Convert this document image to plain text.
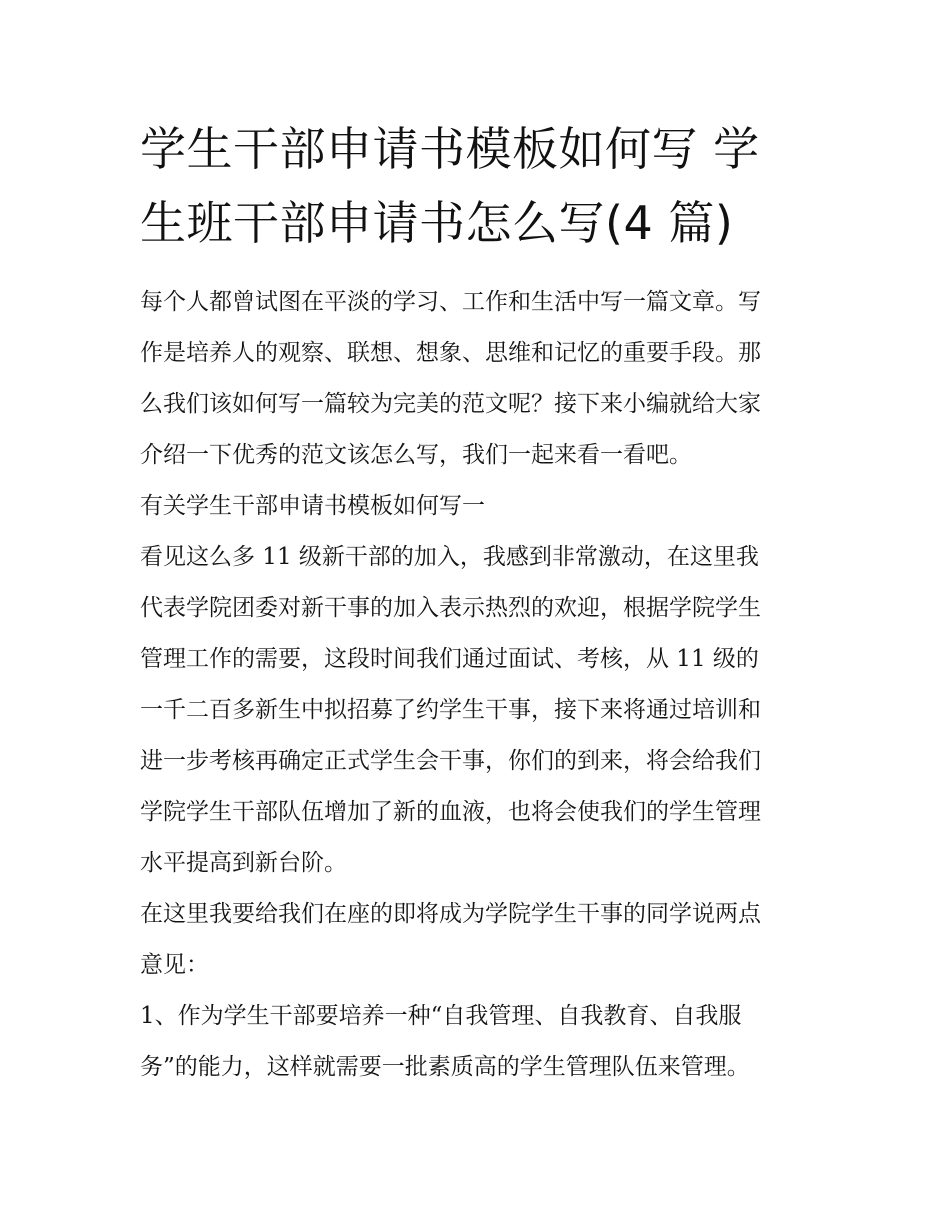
学生干部申请书模板如何写 学
生班干部申请书怎么写(4 篇)
每个人都曾试图在平淡的学习、工作和生活中写一篇文章。写
作是培养人的观察、联想、想象、思维和记忆的重要手段。那
么我们该如何写一篇较为完美的范文呢？接下来小编就给大家
介绍一下优秀的范文该怎么写，我们一起来看一看吧。
有关学生干部申请书模板如何写一
看见这么多 11 级新干部的加入，我感到非常激动，在这里我
代表学院团委对新干事的加入表示热烈的欢迎，根据学院学生
管理工作的需要，这段时间我们通过面试、考核，从 11 级的
一千二百多新生中拟招募了约学生干事，接下来将通过培训和
进一步考核再确定正式学生会干事，你们的到来，将会给我们
学院学生干部队伍增加了新的血液，也将会使我们的学生管理
水平提高到新台阶。
在这里我要给我们在座的即将成为学院学生干事的同学说两点
意见：
1、作为学生干部要培养一种“自我管理、自我教育、自我服
务”的能力，这样就需要一批素质高的学生管理队伍来管理。
